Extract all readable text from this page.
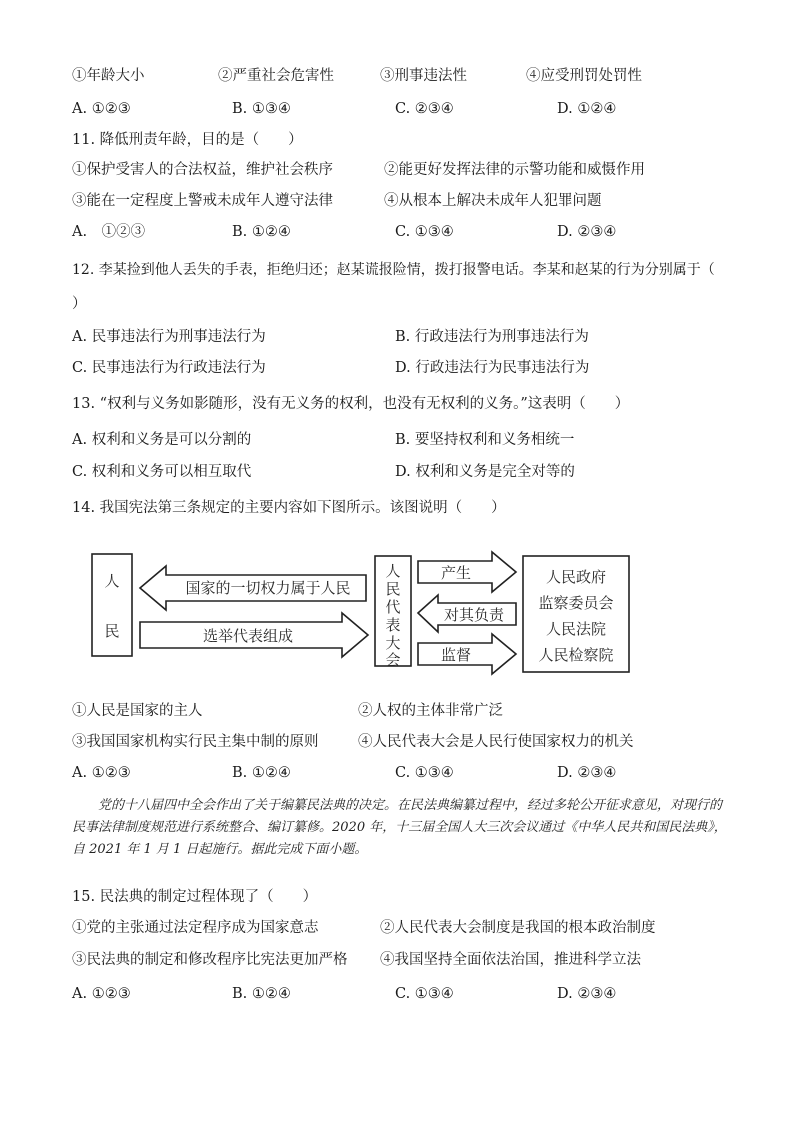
①年龄大小	②严重社会危害性	③刑事违法性	④应受刑罚处罚性
A. ①②③	B. ①③④	C. ②③④	D. ①②④
11. 降低刑责年龄，目的是（　　）
①保护受害人的合法权益，维护社会秩序	②能更好发挥法律的示警功能和威慑作用
③能在一定程度上警戒未成年人遵守法律	④从根本上解决未成年人犯罪问题
A.　①②③	B. ①②④	C. ①③④	D. ②③④
12. 李某捡到他人丢失的手表，拒绝归还；赵某谎报险情，拨打报警电话。李某和赵某的行为分别属于（
）
A. 民事违法行为刑事违法行为	B. 行政违法行为刑事违法行为
C. 民事违法行为行政违法行为	D. 行政违法行为民事违法行为
13. “权利与义务如影随形，没有无义务的权利，也没有无权利的义务。”这表明（　　）
A. 权利和义务是可以分割的	B. 要坚持权利和义务相统一
C. 权利和义务可以相互取代	D. 权利和义务是完全对等的
14. 我国宪法第三条规定的主要内容如下图所示。该图说明（　　）
人
民
国家的一切权力属于人民
选举代表组成
人
民
代
表
大
会
产生
对其负责
监督
人民政府
监察委员会
人民法院
人民检察院
①人民是国家的主人	②人权的主体非常广泛
③我国国家机构实行民主集中制的原则	④人民代表大会是人民行使国家权力的机关
A. ①②③	B. ①②④	C. ①③④	D. ②③④
党的十八届四中全会作出了关于编纂民法典的决定。在民法典编纂过程中，经过多轮公开征求意见，对现行的民事法律制度规范进行系统整合、编订纂修。2020 年，十三届全国人大三次会议通过《中华人民共和国民法典》，自 2021 年 1 月 1 日起施行。据此完成下面小题。
15. 民法典的制定过程体现了（　　）
①党的主张通过法定程序成为国家意志	②人民代表大会制度是我国的根本政治制度
③民法典的制定和修改程序比宪法更加严格 ④我国坚持全面依法治国，推进科学立法
A. ①②③	B. ①②④	C. ①③④	D. ②③④
